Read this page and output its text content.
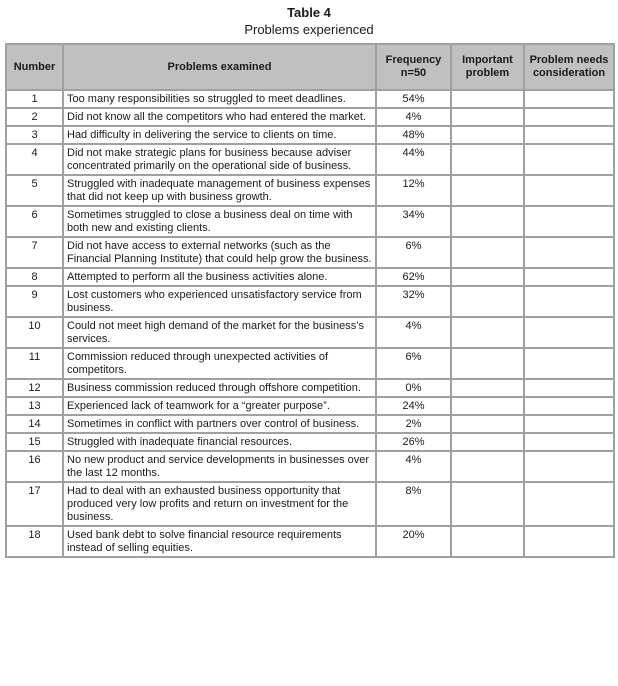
Table 4
Problems experienced
Number	Problems examined	Frequency n=50	Important problem	Problem needs consideration
1	Too many responsibilities so struggled to meet deadlines.	54%		
2	Did not know all the competitors who had entered the market.	4%		
3	Had difficulty in delivering the service to clients on time.	48%		
4	Did not make strategic plans for business because adviser concentrated primarily on the operational side of business.	44%		
5	Struggled with inadequate management of business expenses that did not keep up with business growth.	12%		
6	Sometimes struggled to close a business deal on time with both new and existing clients.	34%		
7	Did not have access to external networks (such as the Financial Planning Institute) that could help grow the business.	6%		
8	Attempted to perform all the business activities alone.	62%		
9	Lost customers who experienced unsatisfactory service from business.	32%		
10	Could not meet high demand of the market for the business’s services.	4%		
11	Commission reduced through unexpected activities of competitors.	6%		
12	Business commission reduced through offshore competition.	0%		
13	Experienced lack of teamwork for a “greater purpose”.	24%		
14	Sometimes in conflict with partners over control of business.	2%		
15	Struggled with inadequate financial resources.	26%		
16	No new product and service developments in businesses over the last 12 months.	4%		
17	Had to deal with an exhausted business opportunity that produced very low profits and return on investment for the business.	8%		
18	Used bank debt to solve financial resource requirements instead of selling equities.	20%		
